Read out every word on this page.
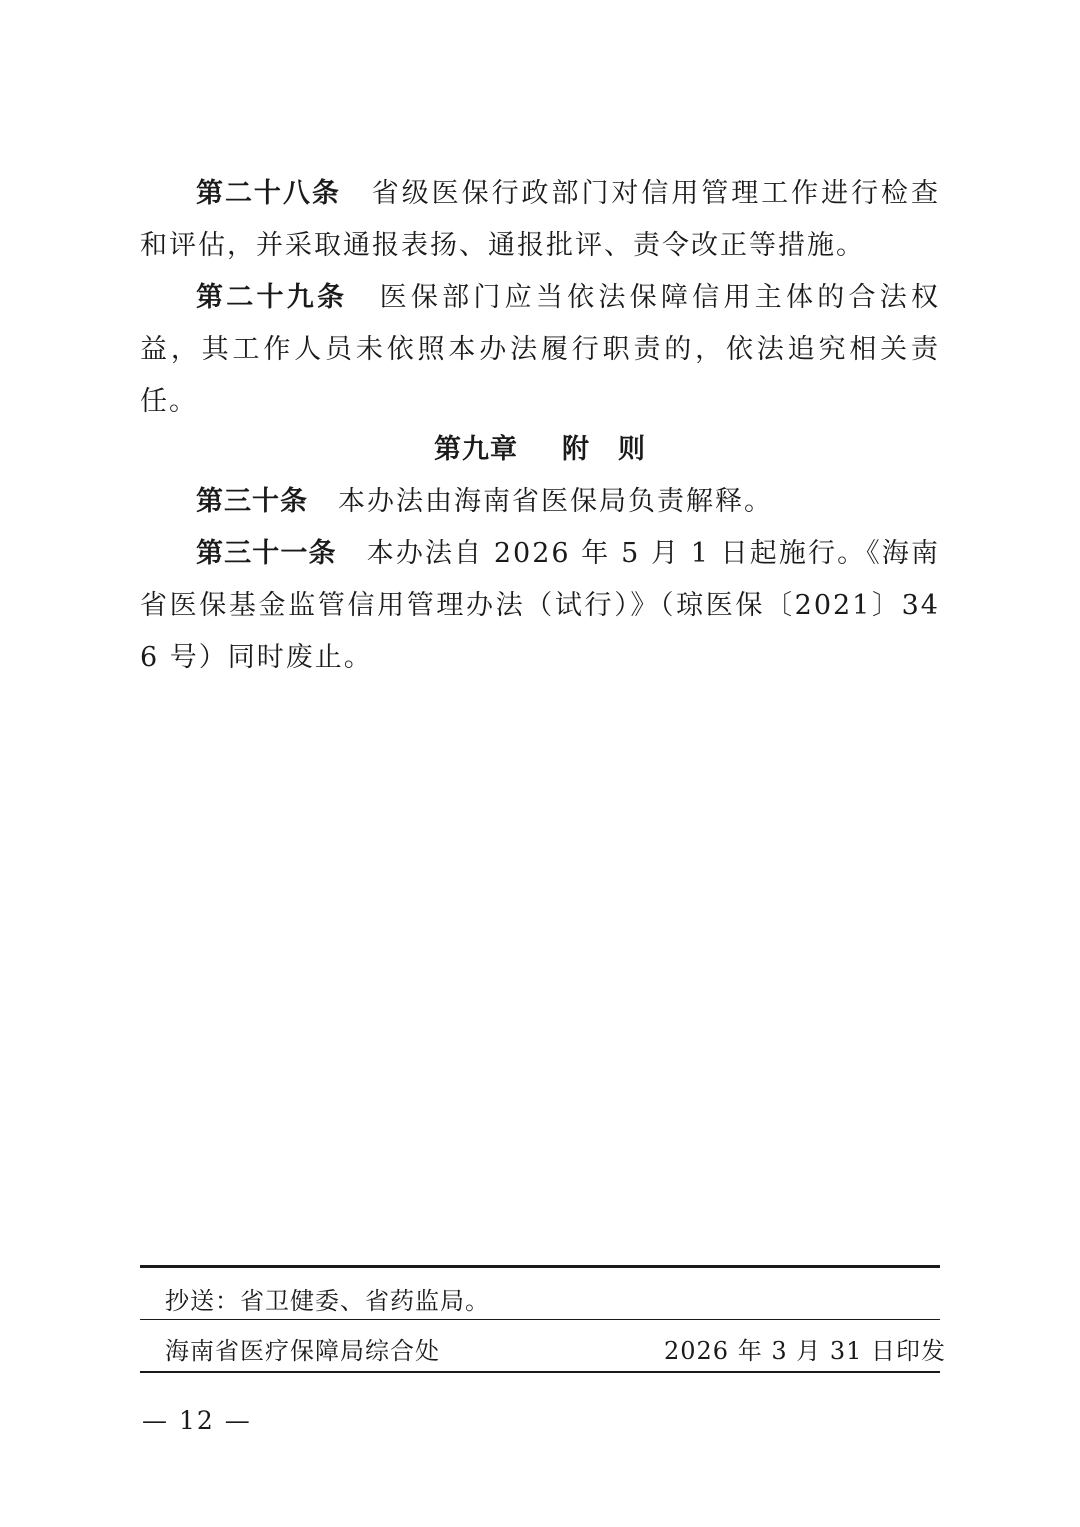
第二十八条 省级医保行政部门对信用管理工作进行检查和评估，并采取通报表扬、通报批评、责令改正等措施。

第二十九条 医保部门应当依法保障信用主体的合法权益，其工作人员未依照本办法履行职责的，依法追究相关责任。

第九章 附　则

第三十条 本办法由海南省医保局负责解释。

第三十一条 本办法自 2026 年 5 月 1 日起施行。《海南省医保基金监管信用管理办法（试行）》（琼医保〔2021〕346 号）同时废止。

抄送：省卫健委、省药监局。

海南省医疗保障局综合处	2026 年 3 月 31 日印发

— 12 —
